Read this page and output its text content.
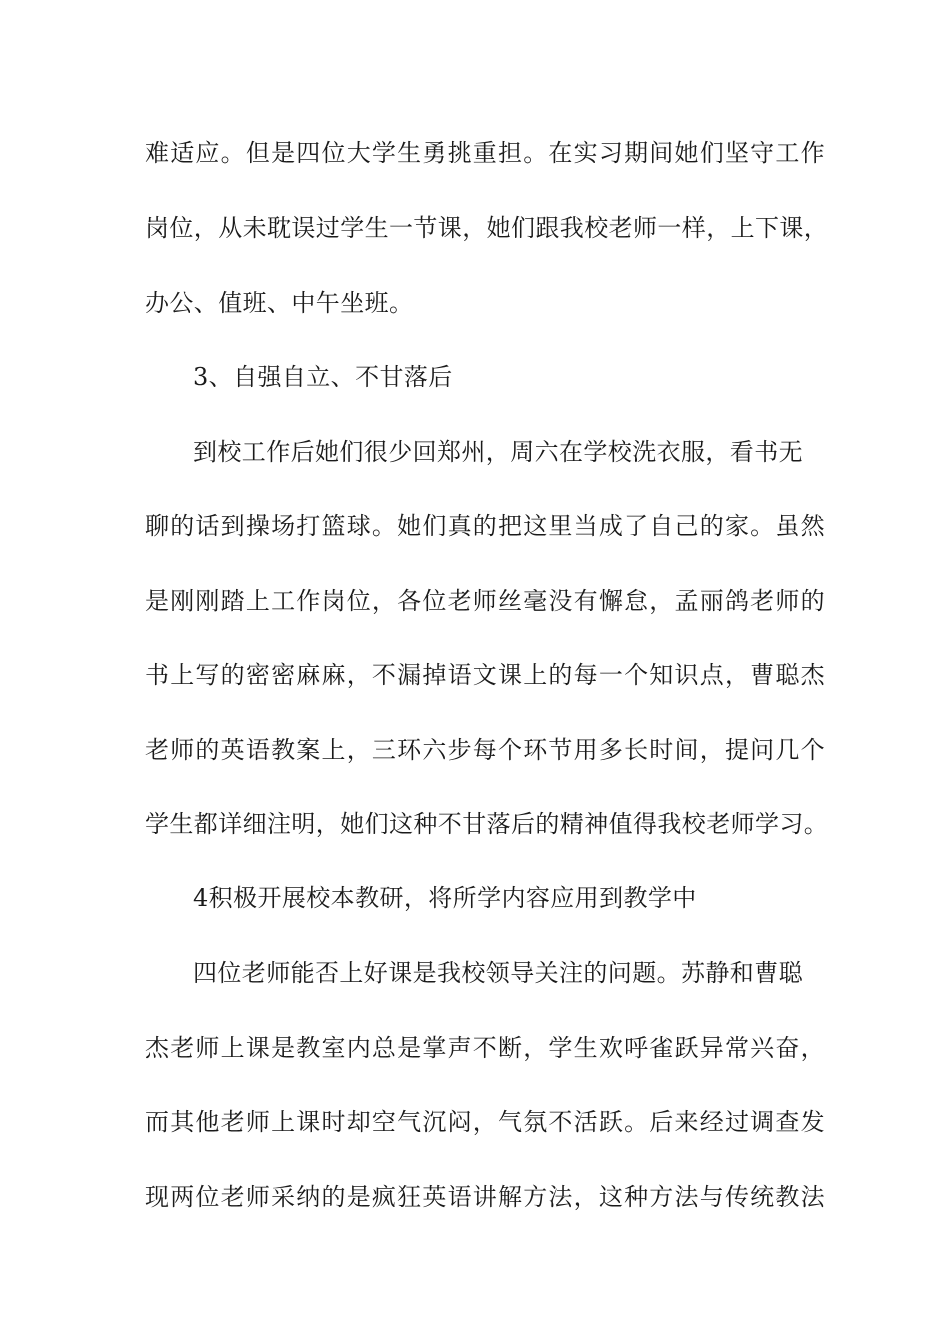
难适应。但是四位大学生勇挑重担。在实习期间她们坚守工作
岗位，从未耽误过学生一节课，她们跟我校老师一样，上下课，
办公、值班、中午坐班。
3、自强自立、不甘落后
到校工作后她们很少回郑州，周六在学校洗衣服，看书无
聊的话到操场打篮球。她们真的把这里当成了自己的家。虽然
是刚刚踏上工作岗位，各位老师丝毫没有懈怠，孟丽鸽老师的
书上写的密密麻麻，不漏掉语文课上的每一个知识点，曹聪杰
老师的英语教案上，三环六步每个环节用多长时间，提问几个
学生都详细注明，她们这种不甘落后的精神值得我校老师学习。
4积极开展校本教研，将所学内容应用到教学中
四位老师能否上好课是我校领导关注的问题。苏静和曹聪
杰老师上课是教室内总是掌声不断，学生欢呼雀跃异常兴奋，
而其他老师上课时却空气沉闷，气氛不活跃。后来经过调查发
现两位老师采纳的是疯狂英语讲解方法，这种方法与传统教法
